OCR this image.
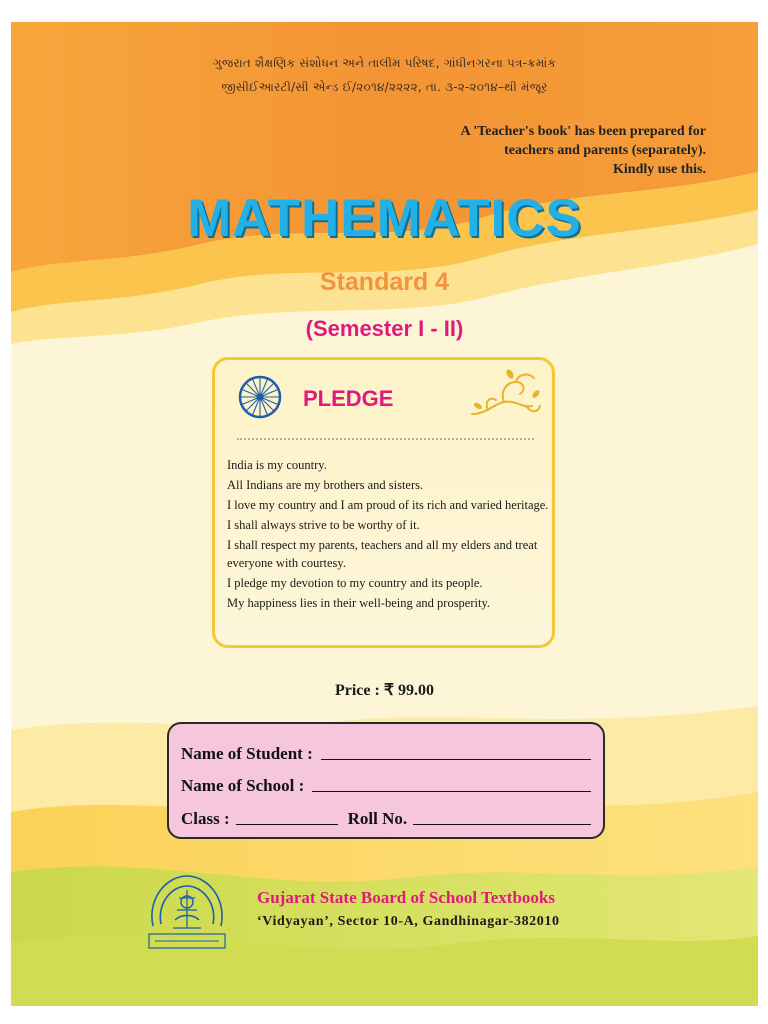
ગુજરાત શૈક્ષણિક સંશોધન અને તાલીમ પરિષદ, ગાંધીનગરના પત્ર-ક્રમાંક
જીસીઈઆરટી/સી એન્ડ ઈ/૨૦૧૪/૨૨૨૨, તા. ૩-૨-૨૦૧૪–થી મંજૂર
A 'Teacher's book' has been prepared for
teachers and parents (separately).
Kindly use this.
MATHEMATICS
Standard 4
(Semester I - II)
PLEDGE
India is my country.
All Indians are my brothers and sisters.
I love my country and I am proud of its rich and varied heritage.
I shall always strive to be worthy of it.
I shall respect my parents, teachers and all my elders and treat everyone with courtesy.
I pledge my devotion to my country and its people.
My happiness lies in their well-being and prosperity.
Price : ₹ 99.00
Name of Student :
Name of School :
Class :	Roll No.
Gujarat State Board of School Textbooks
‘Vidyayan’, Sector 10-A, Gandhinagar-382010
